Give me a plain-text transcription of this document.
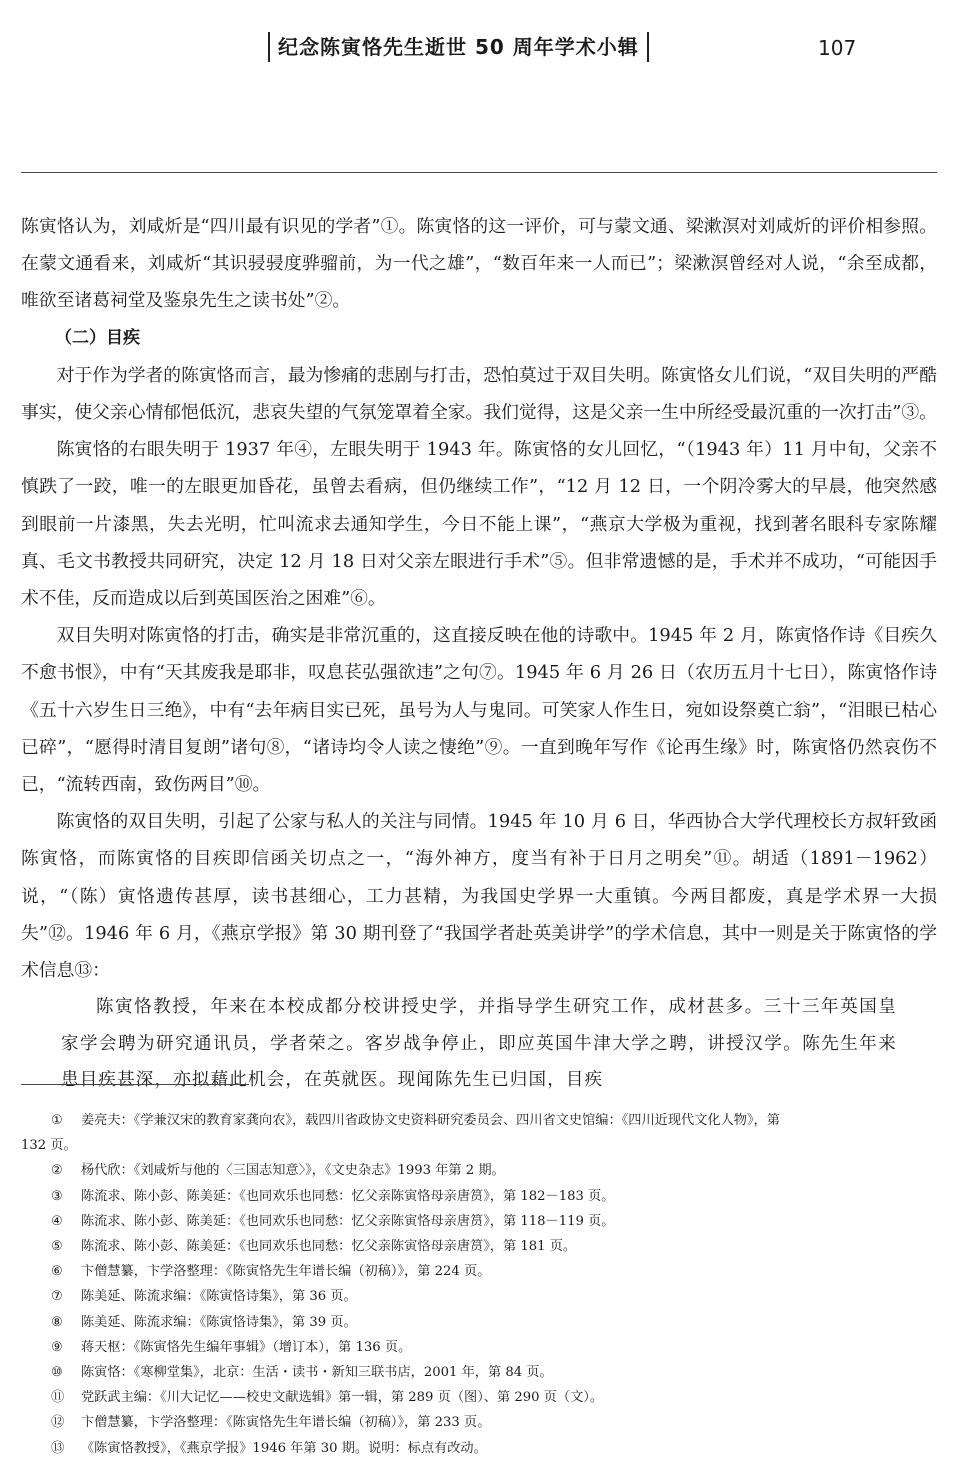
纪念陈寅恪先生逝世 50 周年学术小辑	107

陈寅恪认为，刘咸炘是“四川最有识见的学者”①。陈寅恪的这一评价，可与蒙文通、梁漱溟对刘咸炘的评价相参照。在蒙文通看来，刘咸炘“其识骎骎度骅骝前，为一代之雄”，“数百年来一人而已”；梁漱溟曾经对人说，“余至成都，唯欲至诸葛祠堂及鉴泉先生之读书处”②。

（二）目疾

对于作为学者的陈寅恪而言，最为惨痛的悲剧与打击，恐怕莫过于双目失明。陈寅恪女儿们说，“双目失明的严酷事实，使父亲心情郁悒低沉，悲哀失望的气氛笼罩着全家。我们觉得，这是父亲一生中所经受最沉重的一次打击”③。

陈寅恪的右眼失明于 1937 年④，左眼失明于 1943 年。陈寅恪的女儿回忆，“（1943 年）11 月中旬，父亲不慎跌了一跤，唯一的左眼更加昏花，虽曾去看病，但仍继续工作”，“12 月 12 日，一个阴冷雾大的早晨，他突然感到眼前一片漆黑，失去光明，忙叫流求去通知学生，今日不能上课”，“燕京大学极为重视，找到著名眼科专家陈耀真、毛文书教授共同研究，决定 12 月 18 日对父亲左眼进行手术”⑤。但非常遗憾的是，手术并不成功，“可能因手术不佳，反而造成以后到英国医治之困难”⑥。

双目失明对陈寅恪的打击，确实是非常沉重的，这直接反映在他的诗歌中。1945 年 2 月，陈寅恪作诗《目疾久不愈书恨》，中有“天其废我是耶非，叹息苌弘强欲违”之句⑦。1945 年 6 月 26 日（农历五月十七日），陈寅恪作诗《五十六岁生日三绝》，中有“去年病目实已死，虽号为人与鬼同。可笑家人作生日，宛如设祭奠亡翁”，“泪眼已枯心已碎”，“愿得时清目复朗”诸句⑧，“诸诗均令人读之悽绝”⑨。一直到晚年写作《论再生缘》时，陈寅恪仍然哀伤不已，“流转西南，致伤两目”⑩。

陈寅恪的双目失明，引起了公家与私人的关注与同情。1945 年 10 月 6 日，华西协合大学代理校长方叔轩致函陈寅恪，而陈寅恪的目疾即信函关切点之一，“海外神方，度当有补于日月之明矣”⑪。胡适（1891－1962）说，“（陈）寅恪遗传甚厚，读书甚细心，工力甚精，为我国史学界一大重镇。今两目都废，真是学术界一大损失”⑫。1946 年 6 月，《燕京学报》第 30 期刊登了“我国学者赴英美讲学”的学术信息，其中一则是关于陈寅恪的学术信息⑬：

陈寅恪教授，年来在本校成都分校讲授史学，并指导学生研究工作，成材甚多。三十三年英国皇家学会聘为研究通讯员，学者荣之。客岁战争停止，即应英国牛津大学之聘，讲授汉学。陈先生年来患目疾甚深，亦拟藉此机会，在英就医。现闻陈先生已归国，目疾

① 姜亮夫：《学兼汉宋的教育家龚向农》，载四川省政协文史资料研究委员会、四川省文史馆编：《四川近现代文化人物》，第
132 页。
② 杨代欣：《刘咸炘与他的〈三国志知意〉》，《文史杂志》1993 年第 2 期。
③ 陈流求、陈小彭、陈美延：《也同欢乐也同愁：忆父亲陈寅恪母亲唐筼》，第 182－183 页。
④ 陈流求、陈小彭、陈美延：《也同欢乐也同愁：忆父亲陈寅恪母亲唐筼》，第 118－119 页。
⑤ 陈流求、陈小彭、陈美延：《也同欢乐也同愁：忆父亲陈寅恪母亲唐筼》，第 181 页。
⑥ 卞僧慧纂，卞学洛整理：《陈寅恪先生年谱长编（初稿）》，第 224 页。
⑦ 陈美延、陈流求编：《陈寅恪诗集》，第 36 页。
⑧ 陈美延、陈流求编：《陈寅恪诗集》，第 39 页。
⑨ 蒋天枢：《陈寅恪先生编年事辑》（增订本），第 136 页。
⑩ 陈寅恪：《寒柳堂集》，北京：生活・读书・新知三联书店，2001 年，第 84 页。
⑪ 党跃武主编：《川大记忆——校史文献选辑》第一辑，第 289 页（图）、第 290 页（文）。
⑫ 卞僧慧纂，卞学洛整理：《陈寅恪先生年谱长编（初稿）》，第 233 页。
⑬ 《陈寅恪教授》，《燕京学报》1946 年第 30 期。说明：标点有改动。
